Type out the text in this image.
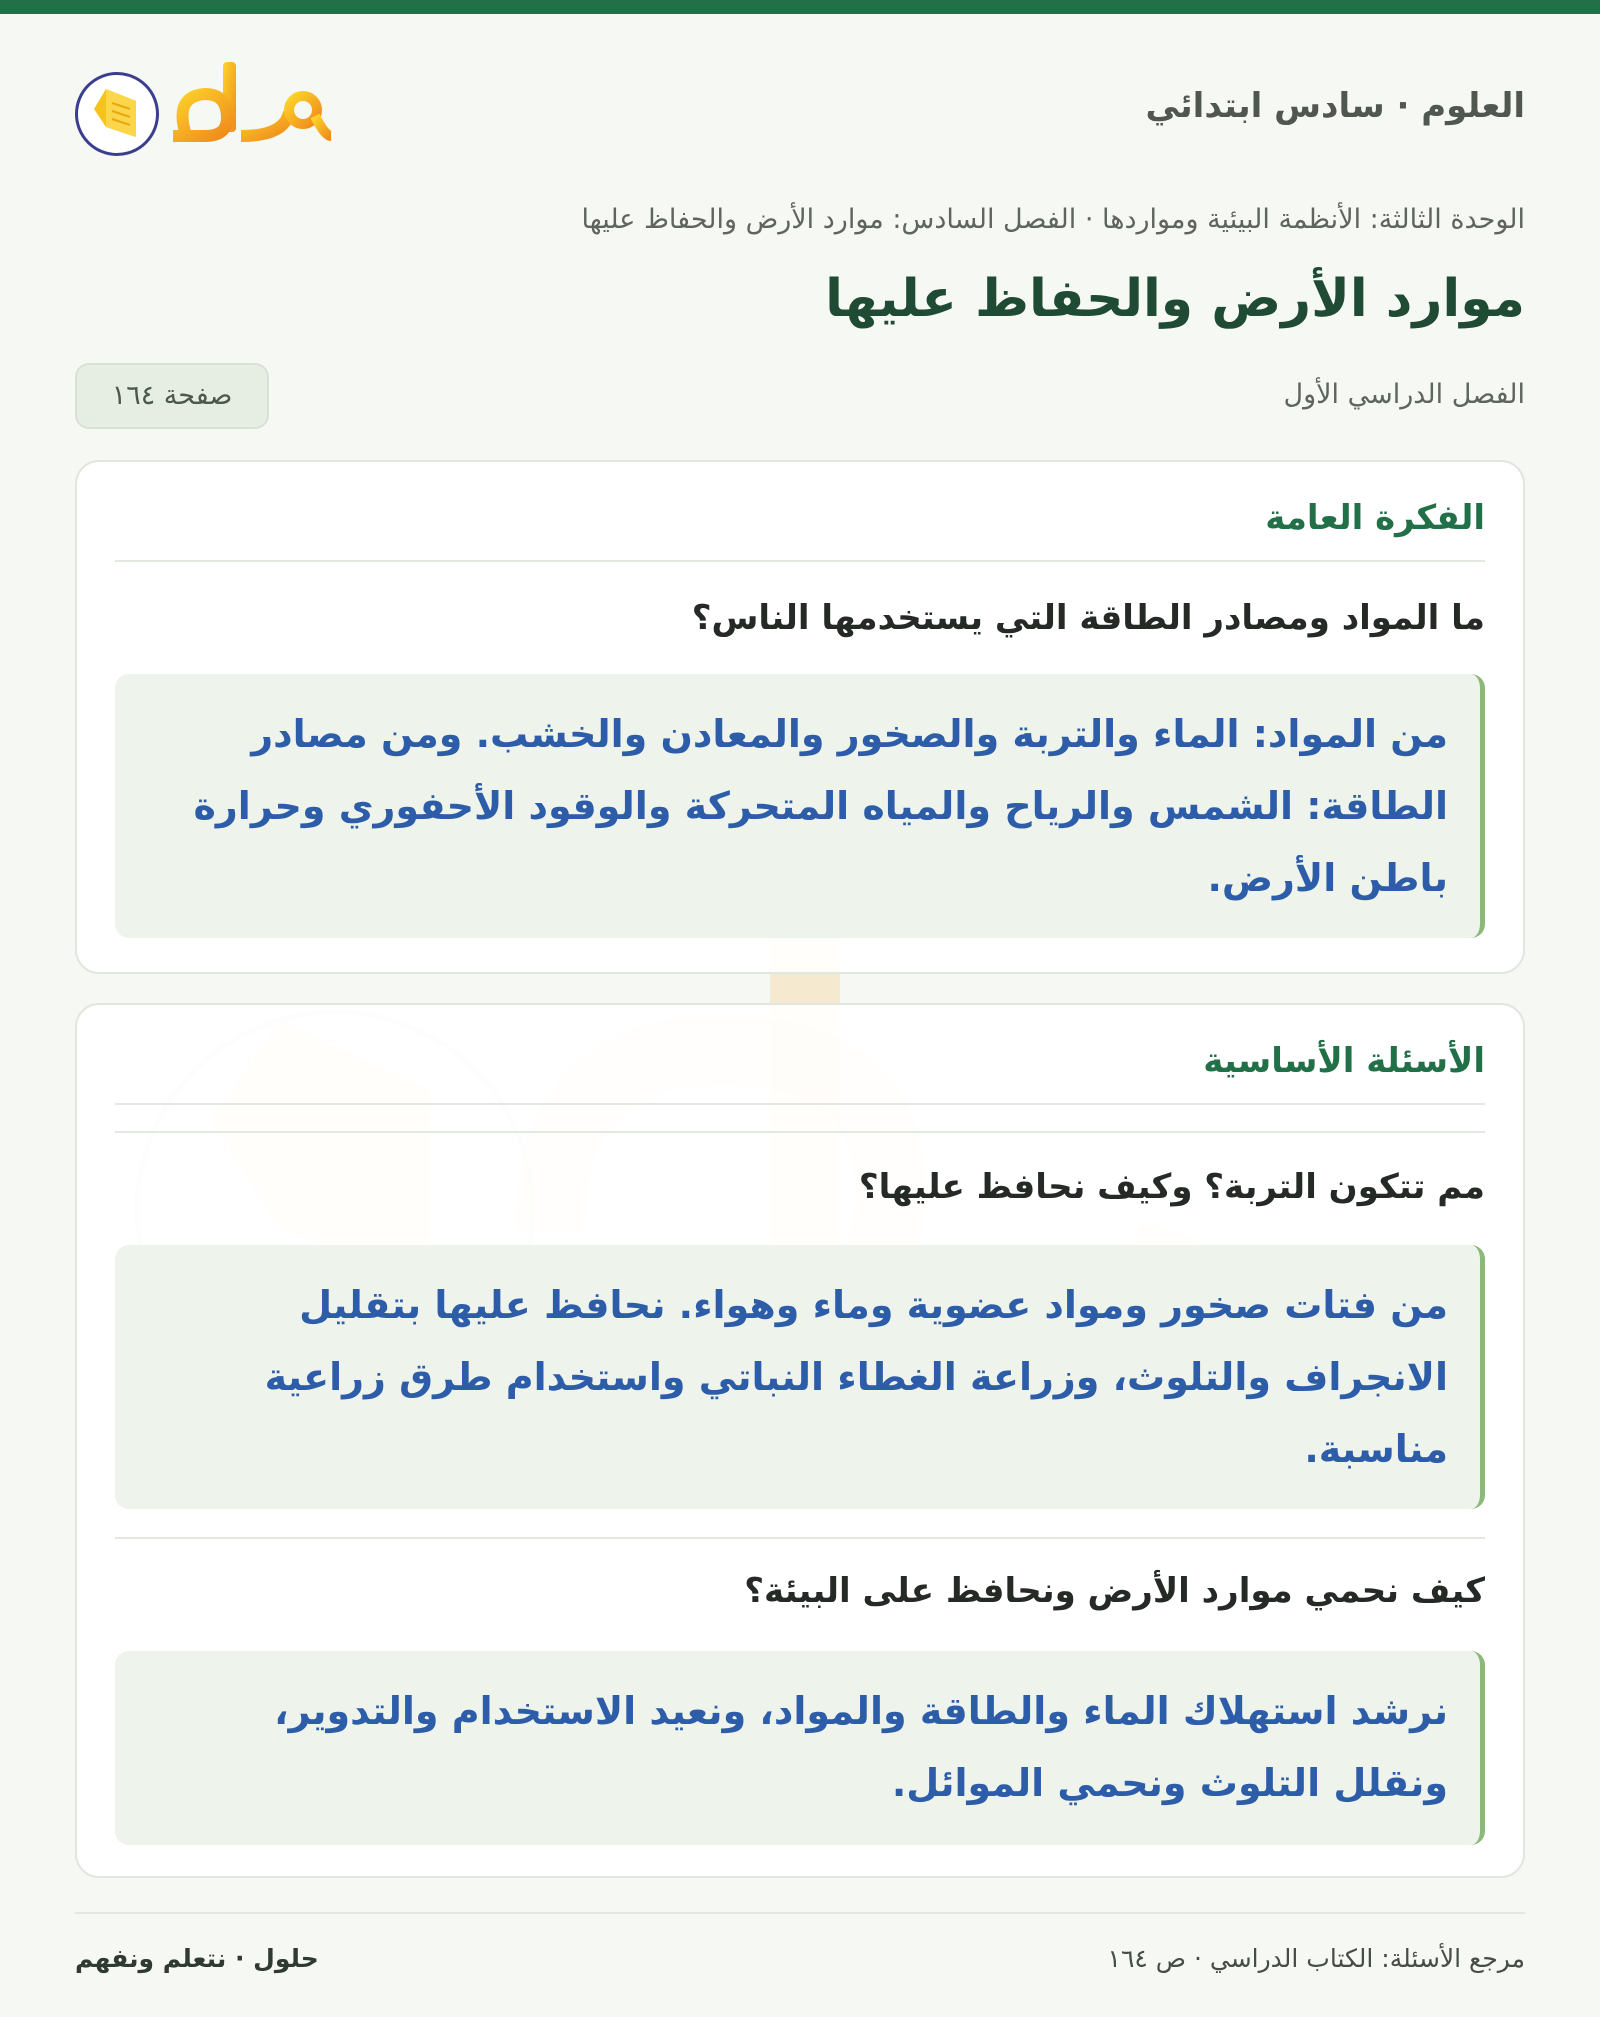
العلوم · سادس ابتدائي
الوحدة الثالثة: الأنظمة البيئية ومواردها · الفصل السادس: موارد الأرض والحفاظ عليها
موارد الأرض والحفاظ عليها
الفصل الدراسي الأول
صفحة ١٦٤
الفكرة العامة
ما المواد ومصادر الطاقة التي يستخدمها الناس؟
من المواد: الماء والتربة والصخور والمعادن والخشب. ومن مصادر الطاقة: الشمس والرياح والمياه المتحركة والوقود الأحفوري وحرارة باطن الأرض.
الأسئلة الأساسية
مم تتكون التربة؟ وكيف نحافظ عليها؟
من فتات صخور ومواد عضوية وماء وهواء. نحافظ عليها بتقليل الانجراف والتلوث، وزراعة الغطاء النباتي واستخدام طرق زراعية مناسبة.
كيف نحمي موارد الأرض ونحافظ على البيئة؟
نرشد استهلاك الماء والطاقة والمواد، ونعيد الاستخدام والتدوير، ونقلل التلوث ونحمي الموائل.
مرجع الأسئلة: الكتاب الدراسي · ص ١٦٤
حلول · نتعلم ونفهم
